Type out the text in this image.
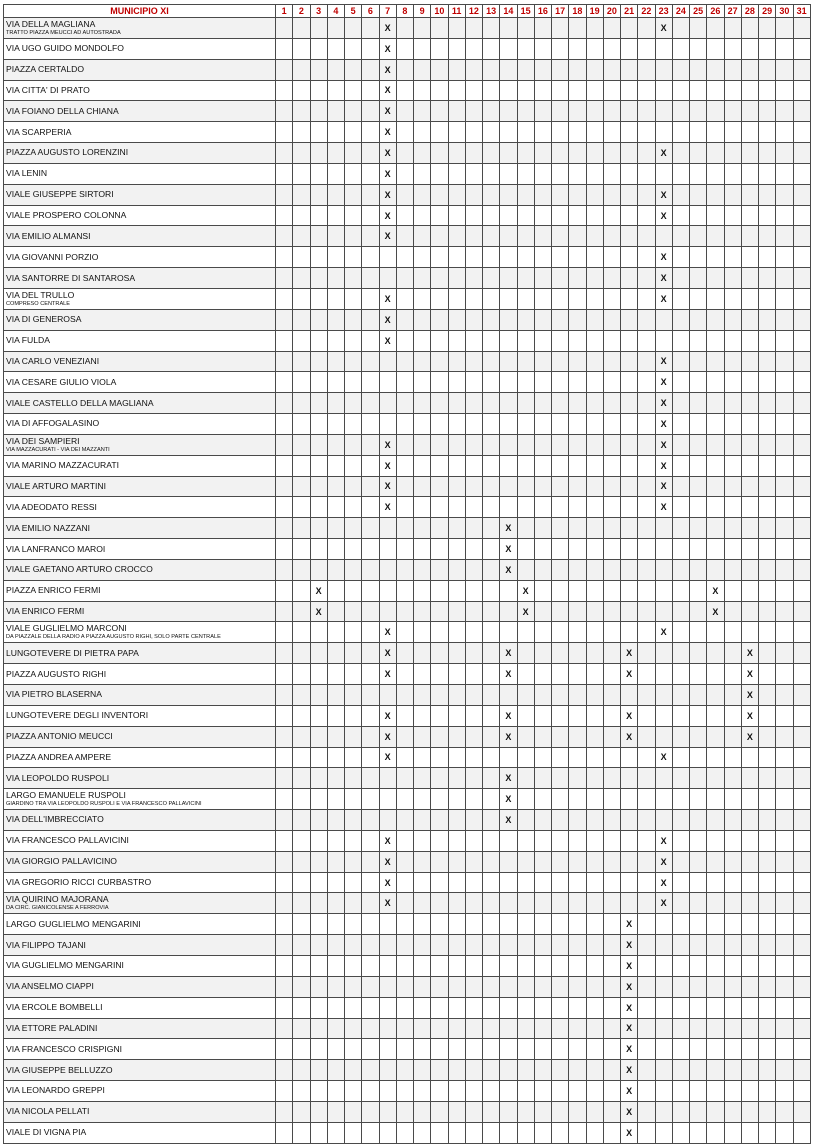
MUNICIPIO XI	1	2	3	4	5	6	7	8	9	10	11	12	13	14	15	16	17	18	19	20	21	22	23	24	25	26	27	28	29	30	31

VIA DELLA MAGLIANA
TRATTO PIAZZA MEUCCI AD AUTOSTRADA							X																X								

VIA UGO GUIDO MONDOLFO							X																								

PIAZZA CERTALDO							X																								

VIA CITTA' DI PRATO							X																								

VIA FOIANO DELLA CHIANA							X																								

VIA SCARPERIA							X																								

PIAZZA AUGUSTO LORENZINI							X																X								

VIA LENIN							X																								

VIALE GIUSEPPE SIRTORI							X																X								

VIALE PROSPERO COLONNA							X																X								

VIA EMILIO ALMANSI							X																								

VIA GIOVANNI PORZIO																							X								

VIA SANTORRE DI SANTAROSA																							X								

VIA DEL TRULLO
COMPRESO CENTRALE							X																X								

VIA DI GENEROSA							X																								

VIA FULDA							X																								

VIA CARLO VENEZIANI																							X								

VIA CESARE GIULIO VIOLA																							X								

VIALE CASTELLO DELLA MAGLIANA																							X								

VIA DI AFFOGALASINO																							X								

VIA DEI SAMPIERI
VIA MAZZACURATI - VIA DEI MAZZANTI							X																X								

VIA MARINO MAZZACURATI							X																X								

VIALE ARTURO MARTINI							X																X								

VIA ADEODATO RESSI							X																X								

VIA EMILIO NAZZANI														X																	

VIA LANFRANCO MAROI														X																	

VIALE GAETANO ARTURO CROCCO														X																	

PIAZZA ENRICO FERMI			X												X											X					

VIA ENRICO FERMI			X												X											X					

VIALE GUGLIELMO MARCONI
DA PIAZZALE DELLA RADIO A PIAZZA AUGUSTO RIGHI, SOLO PARTE CENTRALE							X																X								

LUNGOTEVERE DI PIETRA PAPA							X							X							X							X			

PIAZZA AUGUSTO RIGHI							X							X							X							X			

VIA PIETRO BLASERNA																												X			

LUNGOTEVERE DEGLI INVENTORI							X							X							X							X			

PIAZZA ANTONIO MEUCCI							X							X							X							X			

PIAZZA ANDREA AMPERE							X																X								

VIA LEOPOLDO RUSPOLI														X																	

LARGO EMANUELE RUSPOLI
GIARDINO TRA VIA LEOPOLDO RUSPOLI E VIA FRANCESCO PALLAVICINI														X																	

VIA DELL'IMBRECCIATO														X																	

VIA FRANCESCO PALLAVICINI							X																X								

VIA GIORGIO PALLAVICINO							X																X								

VIA GREGORIO RICCI CURBASTRO							X																X								

VIA QUIRINO MAJORANA
DA CIRC. GIANICOLENSE A FERROVIA							X																X								

LARGO GUGLIELMO MENGARINI																					X										

VIA FILIPPO TAJANI																					X										

VIA GUGLIELMO MENGARINI																					X										

VIA ANSELMO CIAPPI																					X										

VIA ERCOLE BOMBELLI																					X										

VIA ETTORE PALADINI																					X										

VIA FRANCESCO CRISPIGNI																					X										

VIA GIUSEPPE BELLUZZO																					X										

VIA LEONARDO GREPPI																					X										

VIA NICOLA PELLATI																					X										

VIALE DI VIGNA PIA																					X										
